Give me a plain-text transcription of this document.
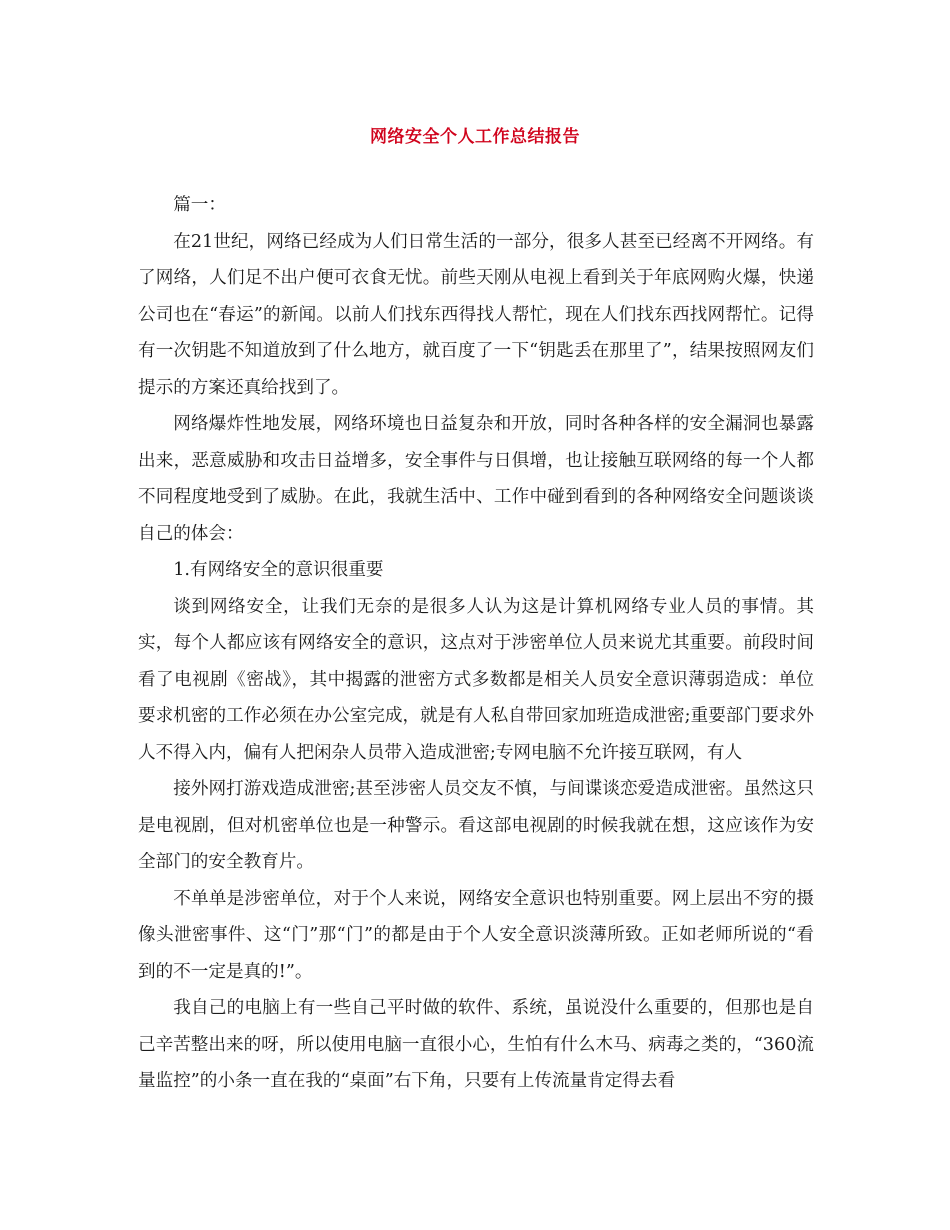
网络安全个人工作总结报告

篇一：

在21世纪，网络已经成为人们日常生活的一部分，很多人甚至已经离不开网络。有了网络，人们足不出户便可衣食无忧。前些天刚从电视上看到关于年底网购火爆，快递公司也在“春运”的新闻。以前人们找东西得找人帮忙，现在人们找东西找网帮忙。记得有一次钥匙不知道放到了什么地方，就百度了一下“钥匙丢在那里了”，结果按照网友们提示的方案还真给找到了。

网络爆炸性地发展，网络环境也日益复杂和开放，同时各种各样的安全漏洞也暴露出来，恶意威胁和攻击日益增多，安全事件与日俱增，也让接触互联网络的每一个人都不同程度地受到了威胁。在此，我就生活中、工作中碰到看到的各种网络安全问题谈谈自己的体会：

1.有网络安全的意识很重要

谈到网络安全，让我们无奈的是很多人认为这是计算机网络专业人员的事情。其实，每个人都应该有网络安全的意识，这点对于涉密单位人员来说尤其重要。前段时间看了电视剧《密战》，其中揭露的泄密方式多数都是相关人员安全意识薄弱造成：单位要求机密的工作必须在办公室完成，就是有人私自带回家加班造成泄密;重要部门要求外人不得入内，偏有人把闲杂人员带入造成泄密;专网电脑不允许接互联网，有人

接外网打游戏造成泄密;甚至涉密人员交友不慎，与间谍谈恋爱造成泄密。虽然这只是电视剧，但对机密单位也是一种警示。看这部电视剧的时候我就在想，这应该作为安全部门的安全教育片。

不单单是涉密单位，对于个人来说，网络安全意识也特别重要。网上层出不穷的摄像头泄密事件、这“门”那“门”的都是由于个人安全意识淡薄所致。正如老师所说的“看到的不一定是真的!”。

我自己的电脑上有一些自己平时做的软件、系统，虽说没什么重要的，但那也是自己辛苦整出来的呀，所以使用电脑一直很小心，生怕有什么木马、病毒之类的，“360流量监控”的小条一直在我的“桌面”右下角，只要有上传流量肯定得去看
